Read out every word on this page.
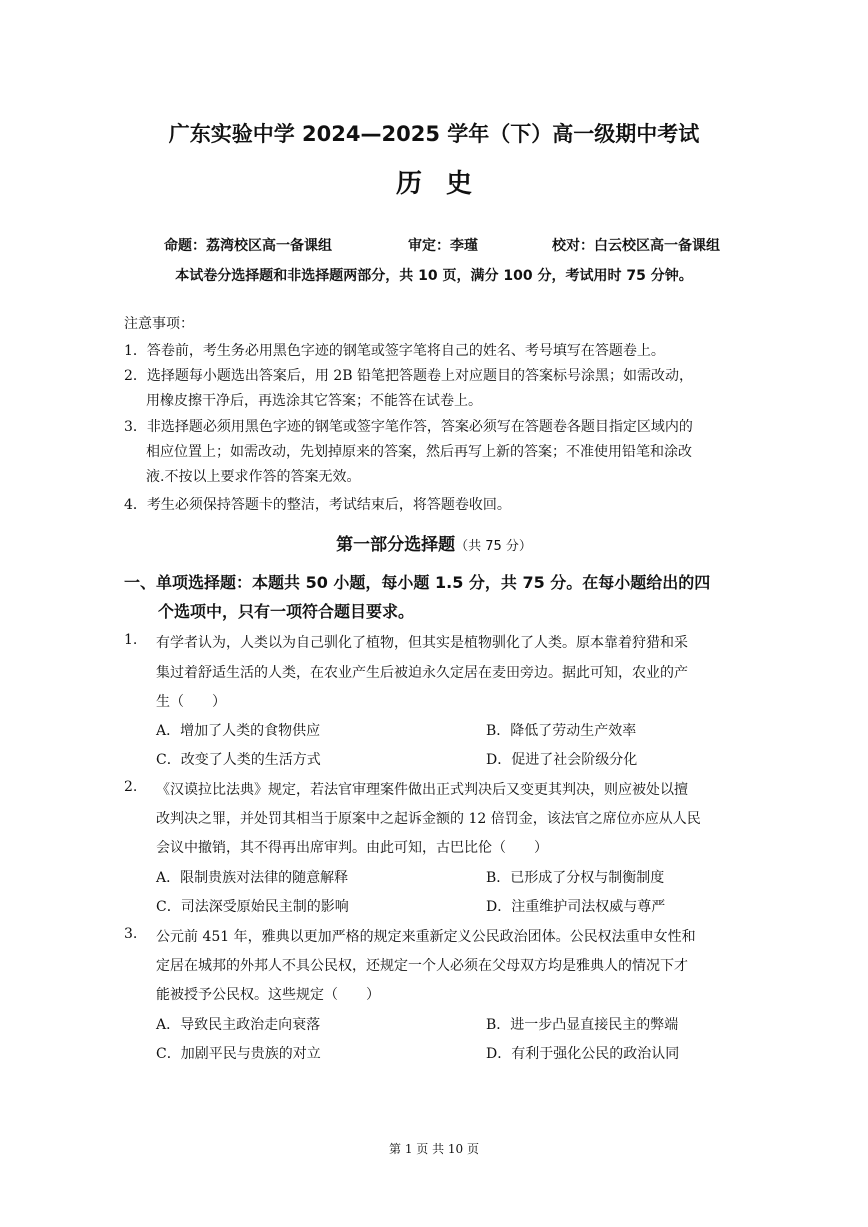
广东实验中学 2024—2025 学年（下）高一级期中考试
历史
命题：荔湾校区高一备课组	审定：李瑾	校对：白云校区高一备课组
本试卷分选择题和非选择题两部分，共 10 页，满分 100 分，考试用时 75 分钟。
注意事项：
1．答卷前，考生务必用黑色字迹的钢笔或签字笔将自己的姓名、考号填写在答题卷上。
2．选择题每小题选出答案后，用 2B 铅笔把答题卷上对应题目的答案标号涂黑；如需改动，
用橡皮擦干净后，再选涂其它答案；不能答在试卷上。
3．非选择题必须用黑色字迹的钢笔或签字笔作答，答案必须写在答题卷各题目指定区域内的
相应位置上；如需改动，先划掉原来的答案，然后再写上新的答案；不准使用铅笔和涂改
液.不按以上要求作答的答案无效。
4．考生必须保持答题卡的整洁，考试结束后，将答题卷收回。
第一部分选择题（共 75 分）
一、单项选择题：本题共 50 小题，每小题 1.5 分，共 75 分。在每小题给出的四
个选项中，只有一项符合题目要求。
1. 有学者认为，人类以为自己驯化了植物，但其实是植物驯化了人类。原本靠着狩猎和采
集过着舒适生活的人类，在农业产生后被迫永久定居在麦田旁边。据此可知，农业的产
生（　　）
A．增加了人类的食物供应	B．降低了劳动生产效率
C．改变了人类的生活方式	D．促进了社会阶级分化
2. 《汉谟拉比法典》规定，若法官审理案件做出正式判决后又变更其判决，则应被处以擅
改判决之罪，并处罚其相当于原案中之起诉金额的 12 倍罚金，该法官之席位亦应从人民
会议中撤销，其不得再出席审判。由此可知，古巴比伦（　　）
A．限制贵族对法律的随意解释	B．已形成了分权与制衡制度
C．司法深受原始民主制的影响	D．注重维护司法权威与尊严
3. 公元前 451 年，雅典以更加严格的规定来重新定义公民政治团体。公民权法重申女性和
定居在城邦的外邦人不具公民权，还规定一个人必须在父母双方均是雅典人的情况下才
能被授予公民权。这些规定（　　）
A．导致民主政治走向衰落	B．进一步凸显直接民主的弊端
C．加剧平民与贵族的对立	D．有利于强化公民的政治认同
第 1 页 共 10 页
